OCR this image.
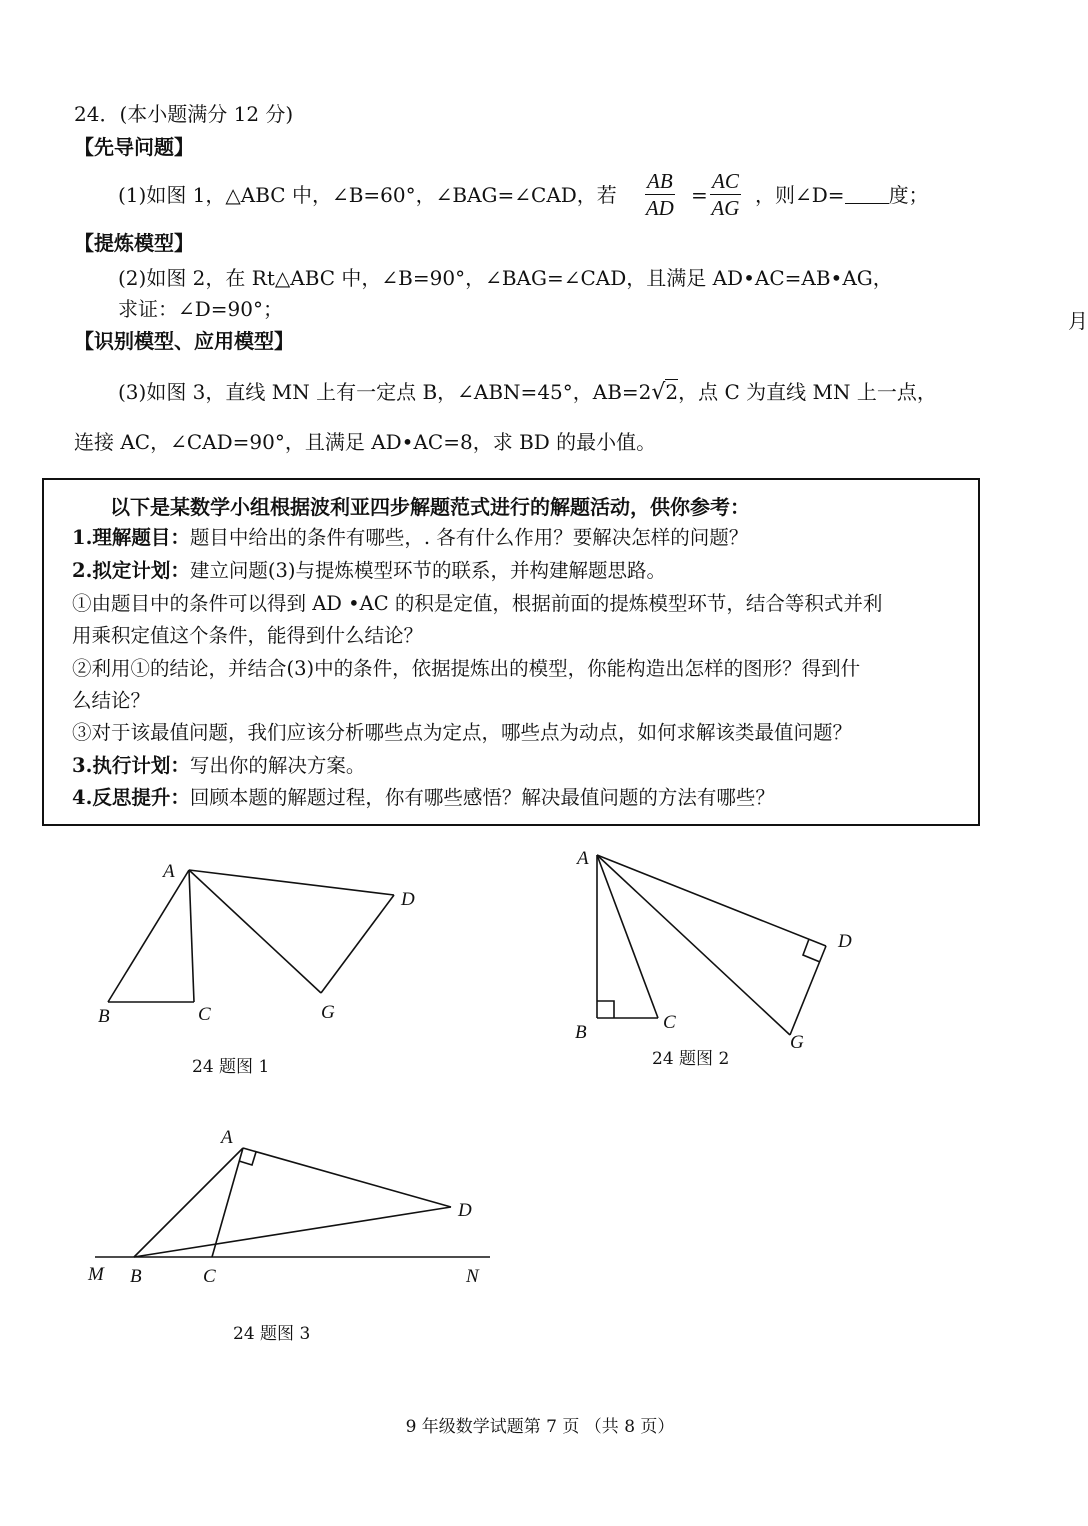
24．(本小题满分 12 分)
【先导问题】
(1)如图 1，△ABC 中，∠B=60°，∠BAG=∠CAD，若 $\frac{AB}{AD} = \frac{AC}{AG}$ ，则∠D= 度；
【提炼模型】
(2)如图 2，在 Rt△ABC 中，∠B=90°，∠BAG=∠CAD，且满足 AD•AC=AB•AG，
求证：∠D=90°；
【识别模型、应用模型】
(3)如图 3，直线 MN 上有一定点 B，∠ABN=45°，AB=2√2，点 C 为直线 MN 上一点，
连接 AC，∠CAD=90°，且满足 AD•AC=8，求 BD 的最小值。
月
以下是某数学小组根据波利亚四步解题范式进行的解题活动，供你参考：
1.理解题目：题目中给出的条件有哪些，. 各有什么作用？要解决怎样的问题？
2.拟定计划：建立问题(3)与提炼模型环节的联系，并构建解题思路。
①由题目中的条件可以得到 AD •AC 的积是定值，根据前面的提炼模型环节，结合等积式并利
用乘积定值这个条件，能得到什么结论？
②利用①的结论，并结合(3)中的条件，依据提炼出的模型，你能构造出怎样的图形？得到什
么结论？
③对于该最值问题，我们应该分析哪些点为定点，哪些点为动点，如何求解该类最值问题？
3.执行计划：写出你的解决方案。
4.反思提升：回顾本题的解题过程，你有哪些感悟？解决最值问题的方法有哪些？
A
B	C
D
G
A
B	C
D
G
A
M B	C
D
N
24 题图 1	24 题图 2
24 题图 3
9 年级数学试题第 7 页 （共 8 页）
